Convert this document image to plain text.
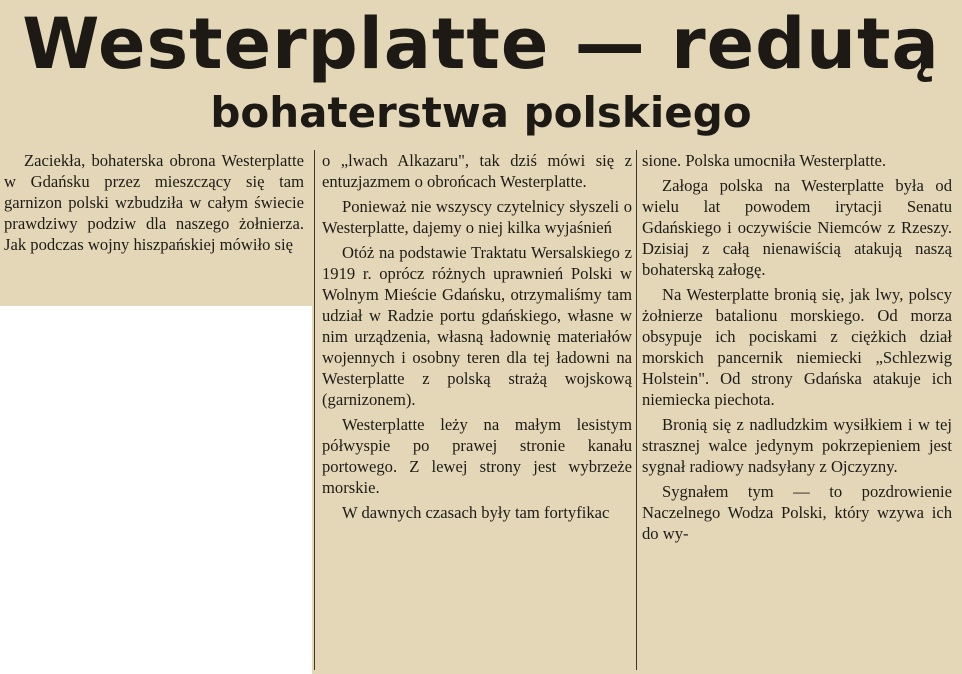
Westerplatte — redutą
bohaterstwa polskiego

Zaciekła, bohaterska obrona Westerplatte w Gdańsku przez mieszczący się tam garnizon polski wzbudziła w całym świecie prawdziwy podziw dla naszego żołnierza. Jak podczas wojny hiszpańskiej mówiło się

o „lwach Alkazaru", tak dziś mówi się z entuzjazmem o obrońcach Westerplatte.

Ponieważ nie wszyscy czytelnicy słyszeli o Westerplatte, dajemy o niej kilka wyjaśnień

Otóż na podstawie Traktatu Wersalskiego z 1919 r. oprócz różnych uprawnień Polski w Wolnym Mieście Gdańsku, otrzymaliśmy tam udział w Radzie portu gdańskiego, własne w nim urządzenia, własną ładownię materiałów wojennych i osobny teren dla tej ładowni na Westerplatte z polską strażą wojskową (garnizonem).

Westerplatte leży na małym lesistym półwyspie po prawej stronie kanału portowego. Z lewej strony jest wybrzeże morskie.

W dawnych czasach były tam fortyfikac

sione. Polska umocniła Westerplatte.

Załoga polska na Westerplatte była od wielu lat powodem irytacji Senatu Gdańskiego i oczywiście Niemców z Rzeszy. Dzisiaj z całą nienawiścią atakują naszą bohaterską załogę.

Na Westerplatte bronią się, jak lwy, polscy żołnierze batalionu morskiego. Od morza obsypuje ich pociskami z ciężkich dział morskich pancernik niemiecki „Schlezwig Holstein". Od strony Gdańska atakuje ich niemiecka piechota.

Bronią się z nadludzkim wysiłkiem i w tej strasznej walce jedynym pokrzepieniem jest sygnał radiowy nadsyłany z Ojczyzny.

Sygnałem tym — to pozdrowienie Naczelnego Wodza Polski, który wzywa ich do wy-
